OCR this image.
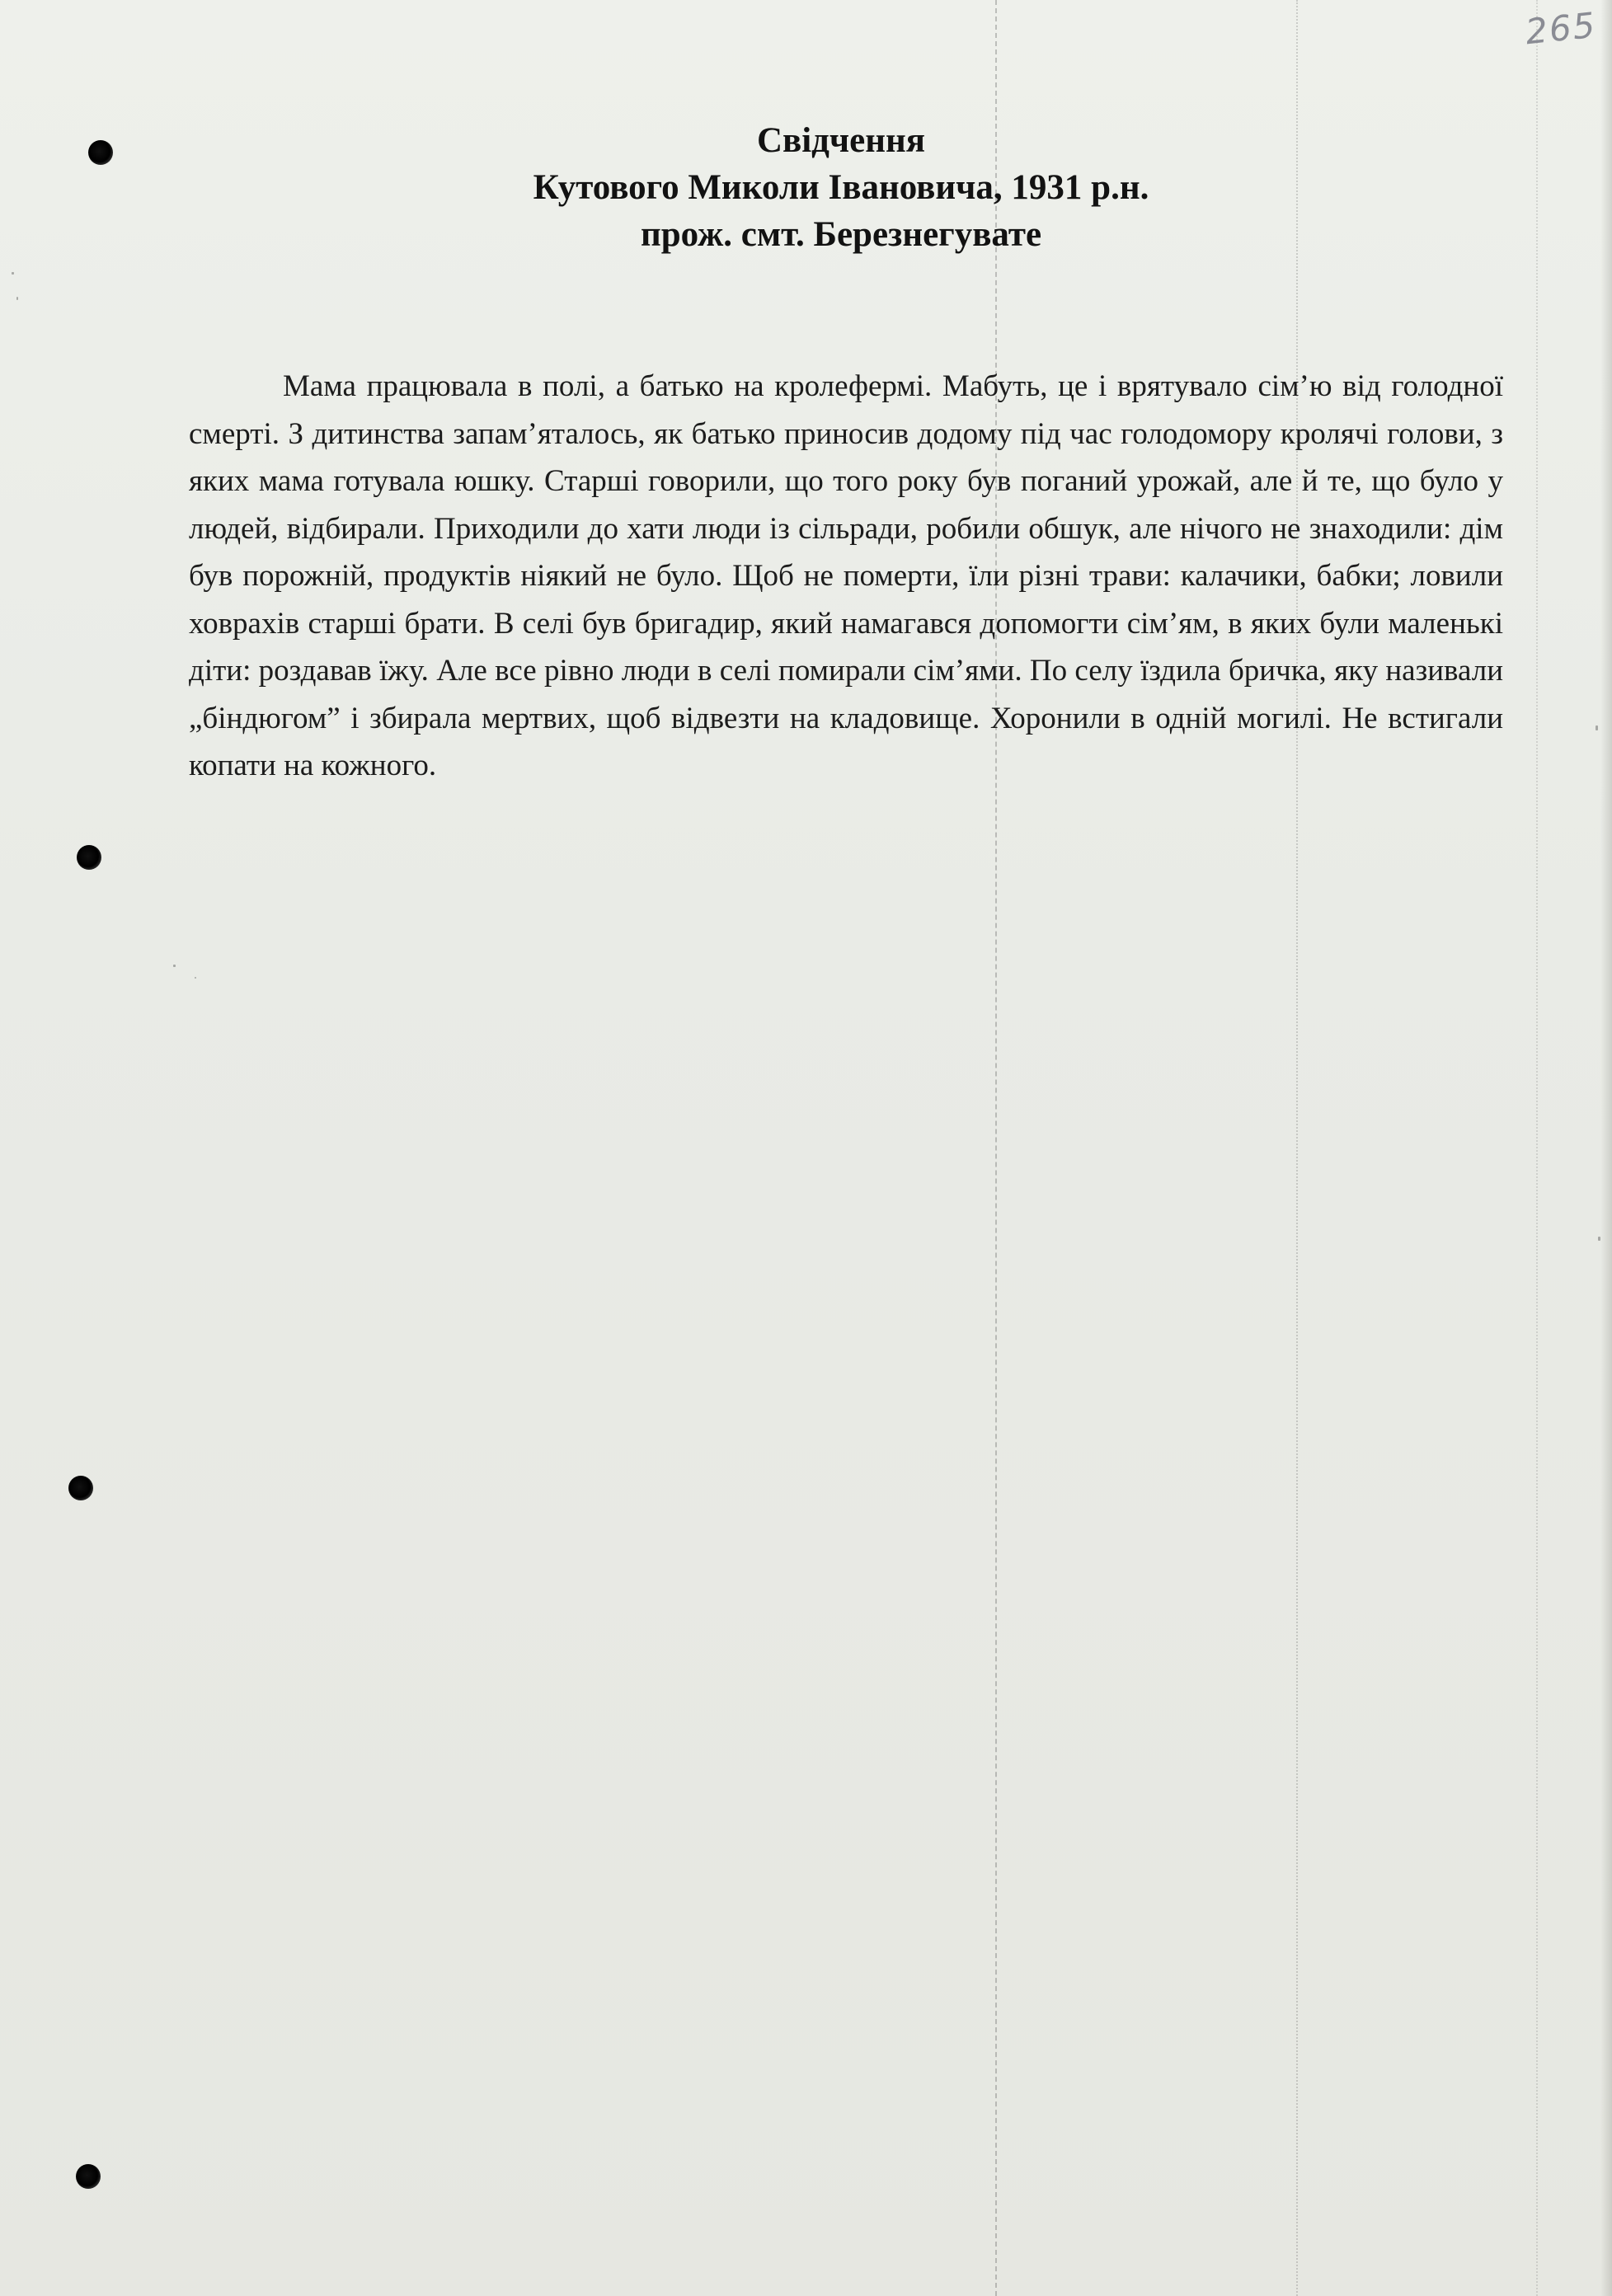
265
Свідчення
Кутового Миколи Івановича, 1931 р.н.
прож. смт. Березнегувате

Мама працювала в полі, а батько на кролефермі. Мабуть, це і врятувало сім’ю від голодної смерті. З дитинства запам’яталось, як батько приносив додому під час голодомору кролячі голови, з яких мама готувала юшку. Старші говорили, що того року був поганий урожай, але й те, що було у людей, відбирали. Приходили до хати люди із сільради, робили обшук, але нічого не знаходили: дім був порожній, продуктів ніякий не було. Щоб не померти, їли різні трави: калачики, бабки; ловили ховрахів старші брати. В селі був бригадир, який намагався допомогти сім’ям, в яких були маленькі діти: роздавав їжу. Але все рівно люди в селі помирали сім’ями. По селу їздила бричка, яку називали „біндюгом” і збирала мертвих, щоб відвезти на кладовище. Хоронили в одній могилі. Не встигали копати на кожного.
